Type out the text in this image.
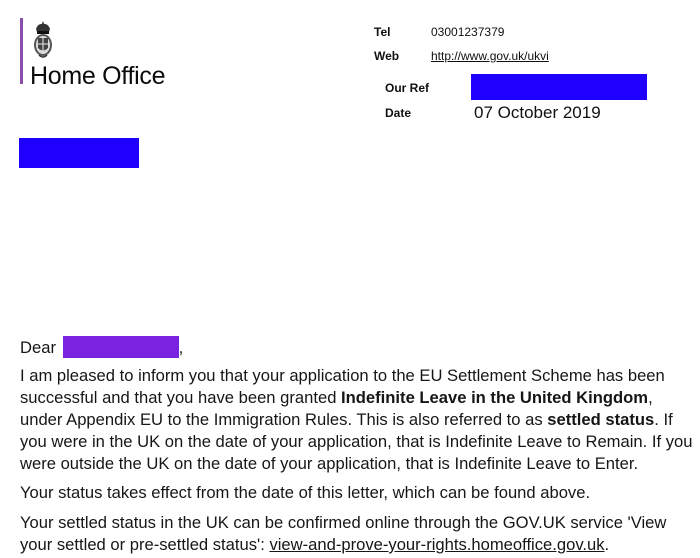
Home Office
Tel	03001237379
Web	http://www.gov.uk/ukvi
Our Ref
Date	07 October 2019
Dear	,

I am pleased to inform you that your application to the EU Settlement Scheme has been successful and that you have been granted Indefinite Leave in the United Kingdom, under Appendix EU to the Immigration Rules. This is also referred to as settled status. If you were in the UK on the date of your application, that is Indefinite Leave to Remain. If you were outside the UK on the date of your application, that is Indefinite Leave to Enter.

Your status takes effect from the date of this letter, which can be found above.

Your settled status in the UK can be confirmed online through the GOV.UK service 'View your settled or pre-settled status': view-and-prove-your-rights.homeoffice.gov.uk.
